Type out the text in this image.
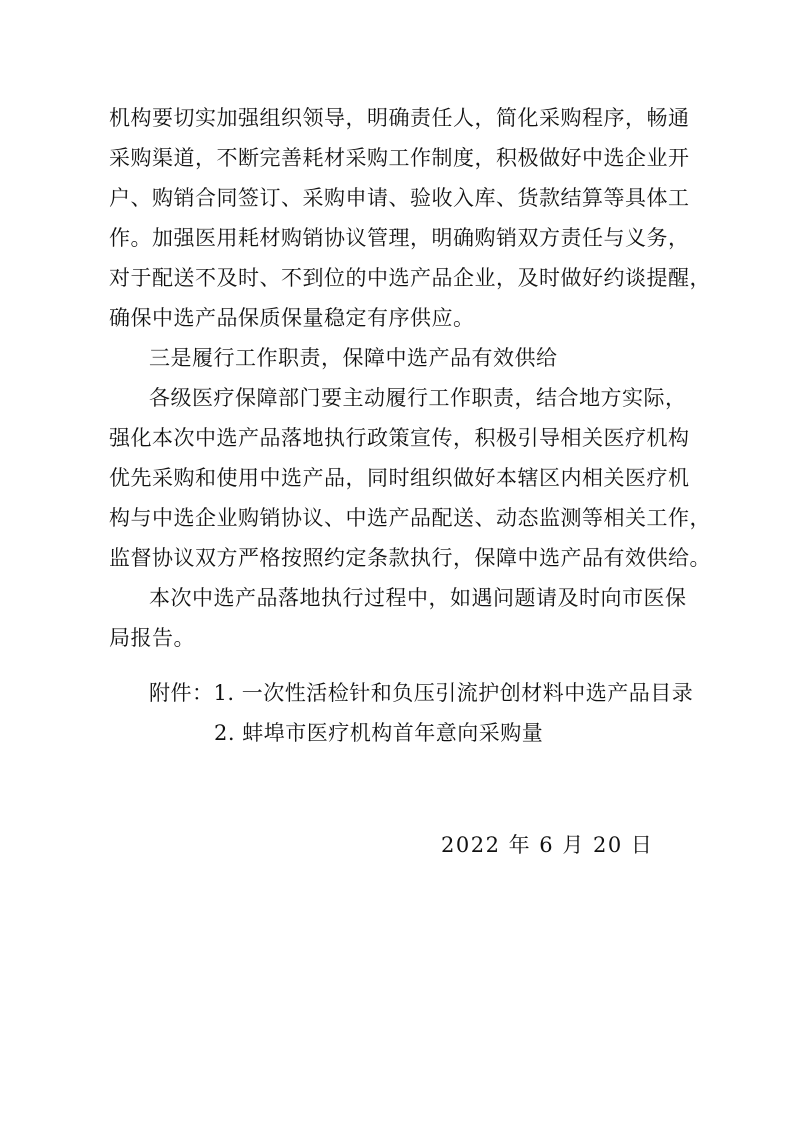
机构要切实加强组织领导，明确责任人，简化采购程序，畅通
采购渠道，不断完善耗材采购工作制度，积极做好中选企业开
户、购销合同签订、采购申请、验收入库、货款结算等具体工
作。加强医用耗材购销协议管理，明确购销双方责任与义务，
对于配送不及时、不到位的中选产品企业，及时做好约谈提醒，
确保中选产品保质保量稳定有序供应。
三是履行工作职责，保障中选产品有效供给
各级医疗保障部门要主动履行工作职责，结合地方实际，
强化本次中选产品落地执行政策宣传，积极引导相关医疗机构
优先采购和使用中选产品，同时组织做好本辖区内相关医疗机
构与中选企业购销协议、中选产品配送、动态监测等相关工作，
监督协议双方严格按照约定条款执行，保障中选产品有效供给。
本次中选产品落地执行过程中，如遇问题请及时向市医保
局报告。
附件：1. 一次性活检针和负压引流护创材料中选产品目录
2. 蚌埠市医疗机构首年意向采购量
2022 年 6 月 20 日
